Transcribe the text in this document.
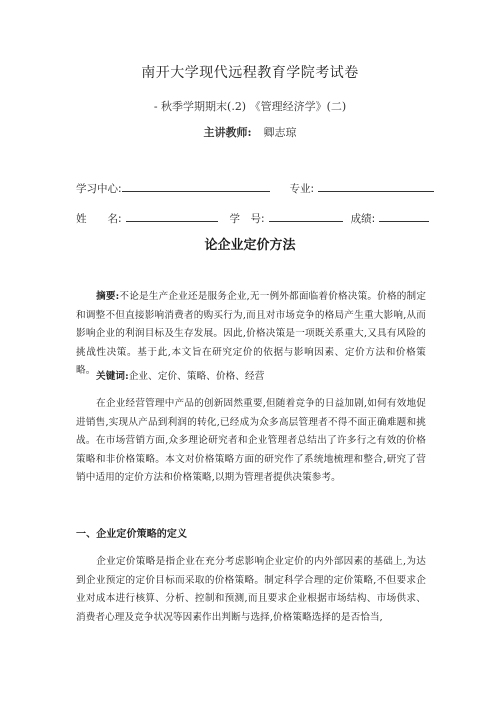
南开大学现代远程教育学院考试卷
- 秋季学期期末(.2) 《管理经济学》(二)
主讲教师: 卿志琼
学习中心:	专业:
姓　　名:	学　号:	成绩:
论企业定价方法
摘要:不论是生产企业还是服务企业,无一例外都面临着价格决策。价格的制定和调整不但直接影响消费者的购买行为,而且对市场竞争的格局产生重大影响,从而影响企业的利润目标及生存发展。因此,价格决策是一项既关系重大,又具有风险的挑战性决策。基于此,本文旨在研究定价的依据与影响因素、定价方法和价格策略。
关键词:企业、定价、策略、价格、经营
在企业经营管理中产品的创新固然重要,但随着竞争的日益加剧,如何有效地促进销售,实现从产品到利润的转化,已经成为众多高层管理者不得不面正确难题和挑战。在市场营销方面,众多理论研究者和企业管理者总结出了许多行之有效的价格策略和非价格策略。本文对价格策略方面的研究作了系统地梳理和整合,研究了营销中适用的定价方法和价格策略,以期为管理者提供决策参考。
一、企业定价策略的定义
企业定价策略是指企业在充分考虑影响企业定价的内外部因素的基础上,为达到企业预定的定价目标而采取的价格策略。制定科学合理的定价策略,不但要求企业对成本进行核算、分析、控制和预测,而且要求企业根据市场结构、市场供求、消费者心理及竞争状况等因素作出判断与选择,价格策略选择的是否恰当,
